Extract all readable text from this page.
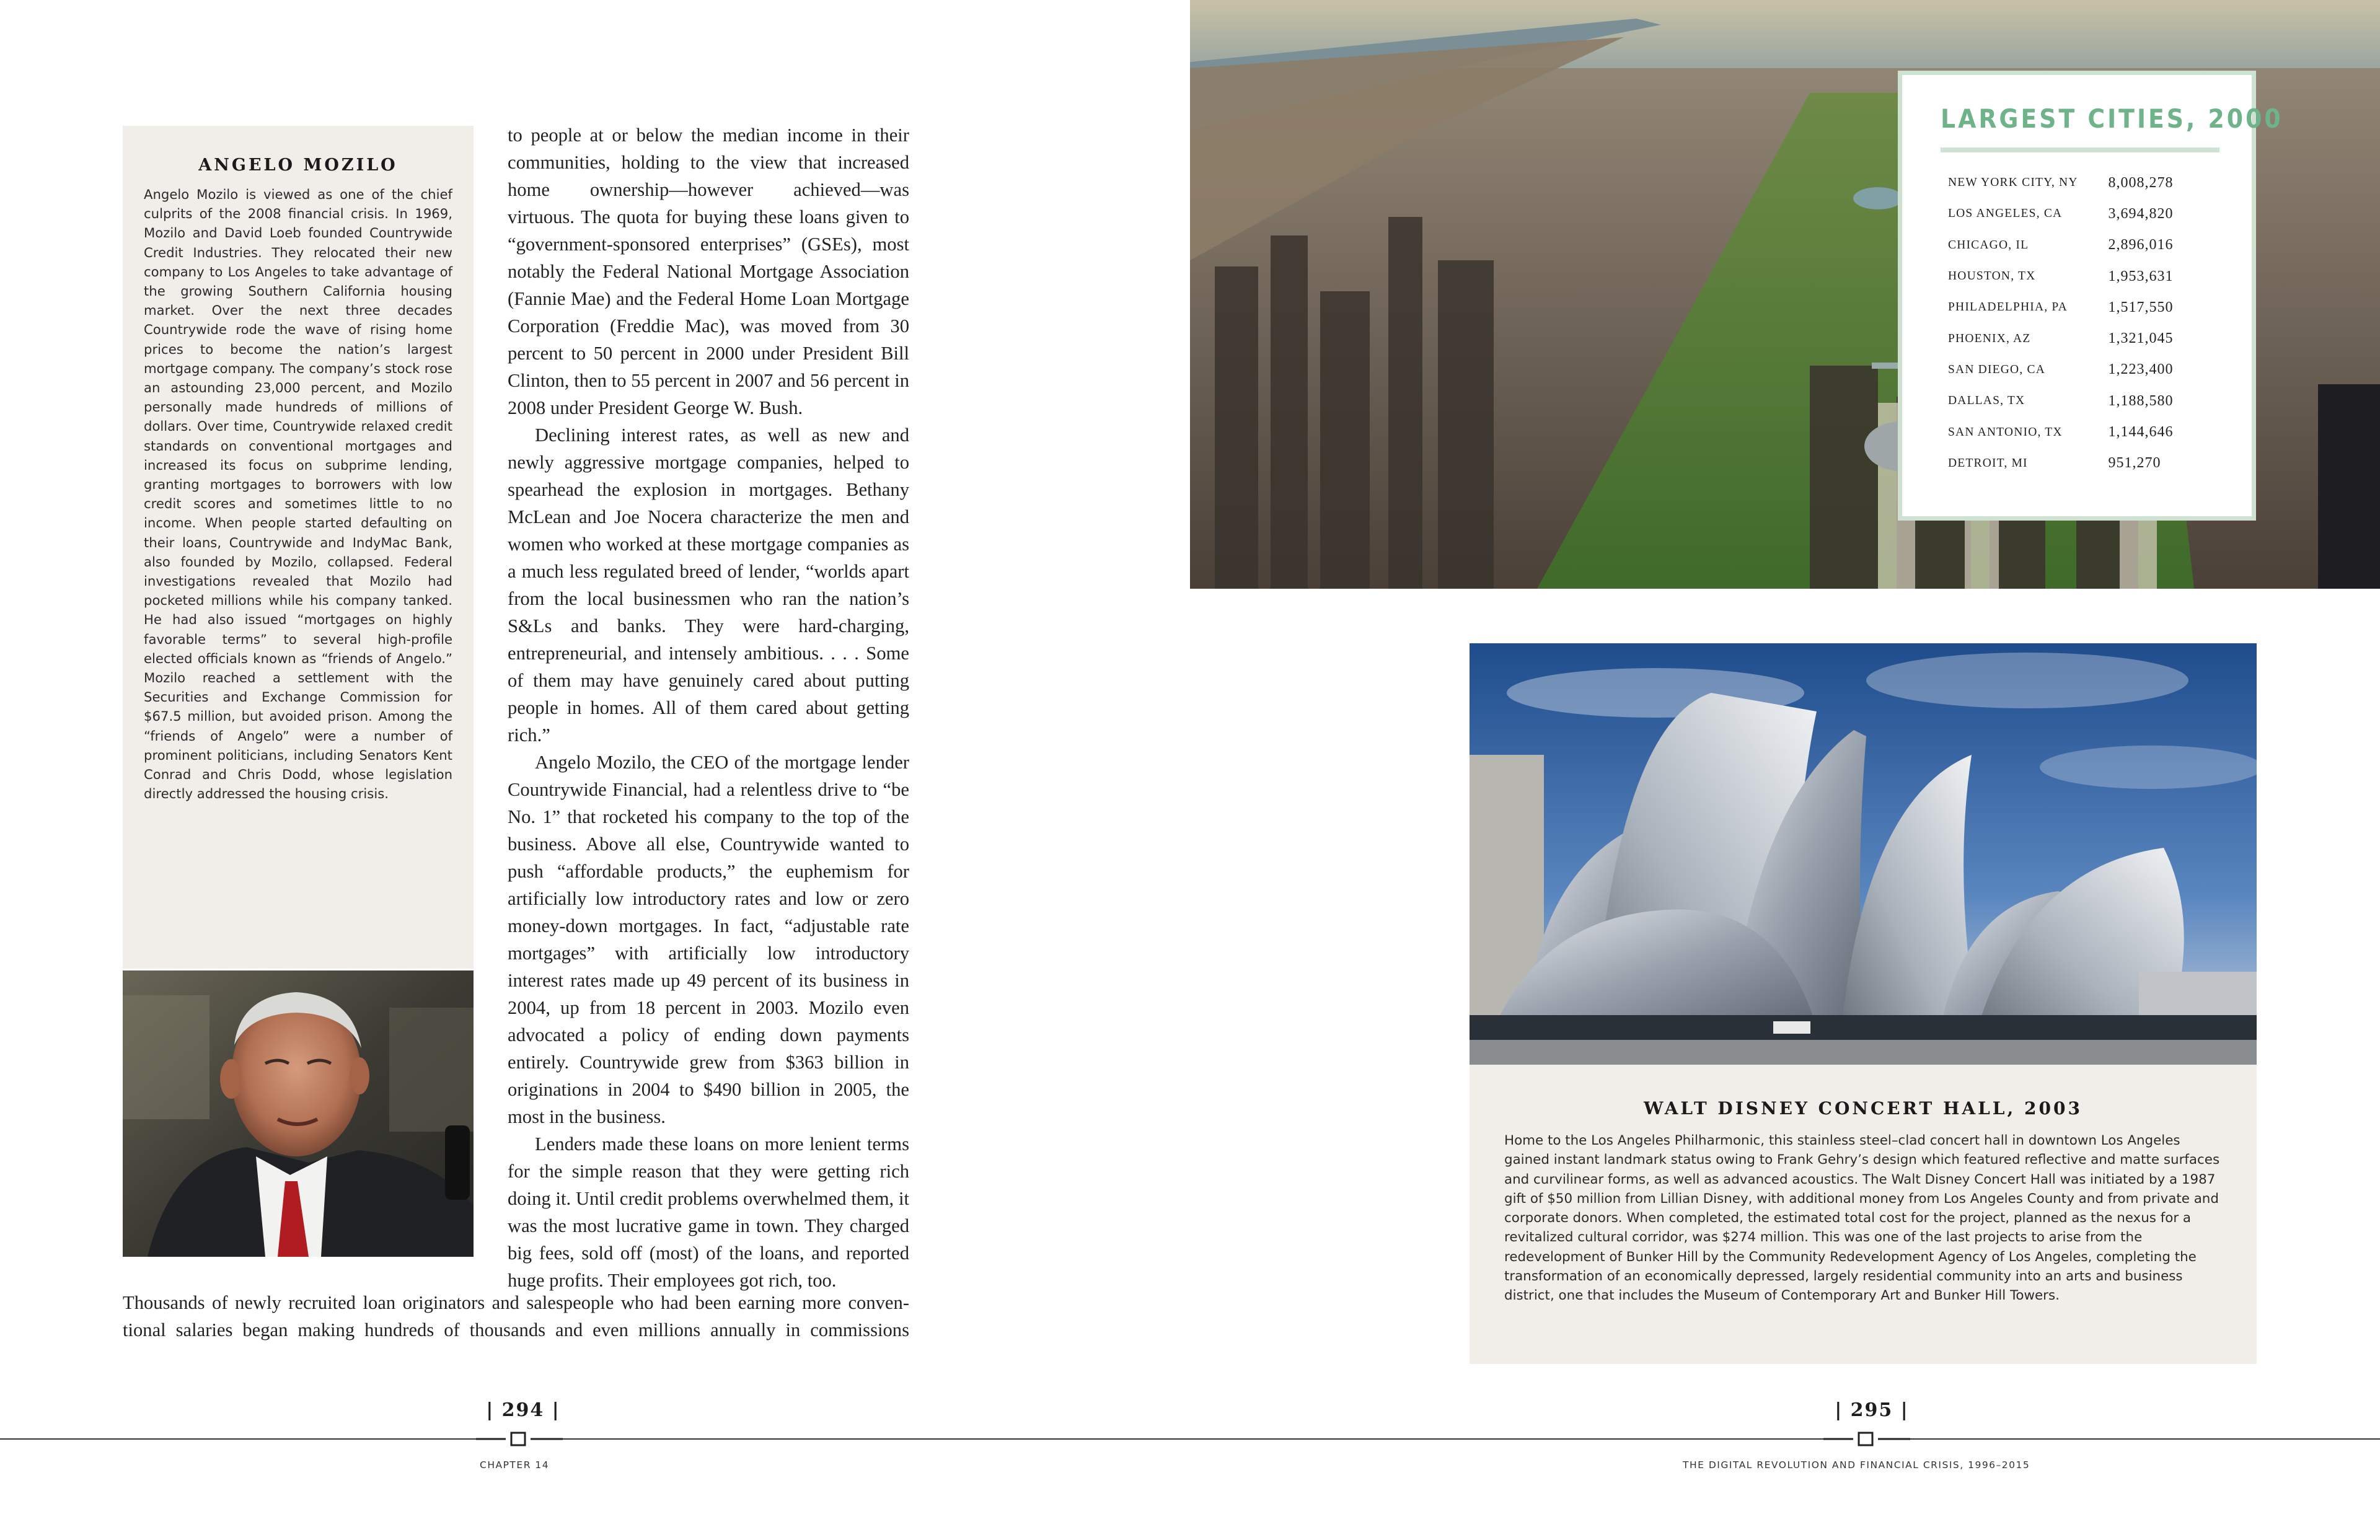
ANGELO MOZILO

Angelo Mozilo is viewed as one of the chief culprits of the 2008 financial crisis. In 1969, Mozilo and David Loeb founded Countrywide Credit Industries. They relocated their new company to Los Angeles to take advantage of the growing Southern California housing market. Over the next three decades Countrywide rode the wave of rising home prices to become the nation’s largest mortgage company. The company’s stock rose an astounding 23,000 percent, and Mozilo personally made hundreds of millions of dollars. Over time, Countrywide relaxed credit standards on conventional mortgages and increased its focus on subprime lending, granting mortgages to borrowers with low credit scores and sometimes little to no income. When people started defaulting on their loans, Countrywide and IndyMac Bank, also founded by Mozilo, collapsed. Federal investigations revealed that Mozilo had pocketed millions while his company tanked. He had also issued “mortgages on highly favorable terms” to several high-profile elected officials known as “friends of Angelo.” Mozilo reached a settlement with the Securities and Exchange Commission for $67.5 million, but avoided prison. Among the “friends of Angelo” were a number of prominent politicians, including Senators Kent Conrad and Chris Dodd, whose legislation directly addressed the housing crisis.

to people at or below the median income in their communities, holding to the view that increased home ownership—however achieved—was virtuous. The quota for buying these loans given to “government-sponsored enterprises” (GSEs), most notably the Federal National Mortgage Association (Fannie Mae) and the Federal Home Loan Mortgage Corporation (Freddie Mac), was moved from 30 percent to 50 percent in 2000 under President Bill Clinton, then to 55 percent in 2007 and 56 percent in 2008 under President George W. Bush.

Declining interest rates, as well as new and newly aggressive mortgage companies, helped to spearhead the explosion in mortgages. Bethany McLean and Joe Nocera characterize the men and women who worked at these mortgage companies as a much less regulated breed of lender, “worlds apart from the local businessmen who ran the nation’s S&Ls and banks. They were hard-charging, entrepreneurial, and intensely ambitious. . . . Some of them may have genuinely cared about putting people in homes. All of them cared about getting rich.”

Angelo Mozilo, the CEO of the mortgage lender Countrywide Financial, had a relentless drive to “be No. 1” that rocketed his company to the top of the business. Above all else, Countrywide wanted to push “affordable products,” the euphemism for artificially low introductory rates and low or zero money-down mortgages. In fact, “adjustable rate mortgages” with artificially low introductory interest rates made up 49 percent of its business in 2004, up from 18 percent in 2003. Mozilo even advocated a policy of ending down payments entirely. Countrywide grew from $363 billion in originations in 2004 to $490 billion in 2005, the most in the business.

Lenders made these loans on more lenient terms for the simple reason that they were getting rich doing it. Until credit problems overwhelmed them, it was the most lucrative game in town. They charged big fees, sold off (most) of the loans, and reported huge profits. Their employees got rich, too.

Thousands of newly recruited loan originators and salespeople who had been earning more conven-
tional salaries began making hundreds of thousands and even millions annually in commissions
LARGEST CITIES, 2000
NEW YORK CITY, NY	8,008,278
LOS ANGELES, CA	3,694,820
CHICAGO, IL	2,896,016
HOUSTON, TX	1,953,631
PHILADELPHIA, PA	1,517,550
PHOENIX, AZ	1,321,045
SAN DIEGO, CA	1,223,400
DALLAS, TX	1,188,580
SAN ANTONIO, TX	1,144,646
DETROIT, MI	951,270
WALT DISNEY CONCERT HALL, 2003

Home to the Los Angeles Philharmonic, this stainless steel–clad concert hall in downtown Los Angeles gained instant landmark status owing to Frank Gehry’s design which featured reflective and matte surfaces and curvilinear forms, as well as advanced acoustics. The Walt Disney Concert Hall was initiated by a 1987 gift of $50 million from Lillian Disney, with additional money from Los Angeles County and from private and corporate donors. When completed, the estimated total cost for the project, planned as the nexus for a revitalized cultural corridor, was $274 million. This was one of the last projects to arise from the redevelopment of Bunker Hill by the Community Redevelopment Agency of Los Angeles, completing the transformation of an economically depressed, largely residential community into an arts and business district, one that includes the Museum of Contemporary Art and Bunker Hill Towers.

| 294 |
CHAPTER 14
| 295 |
THE DIGITAL REVOLUTION AND FINANCIAL CRISIS, 1996–2015
